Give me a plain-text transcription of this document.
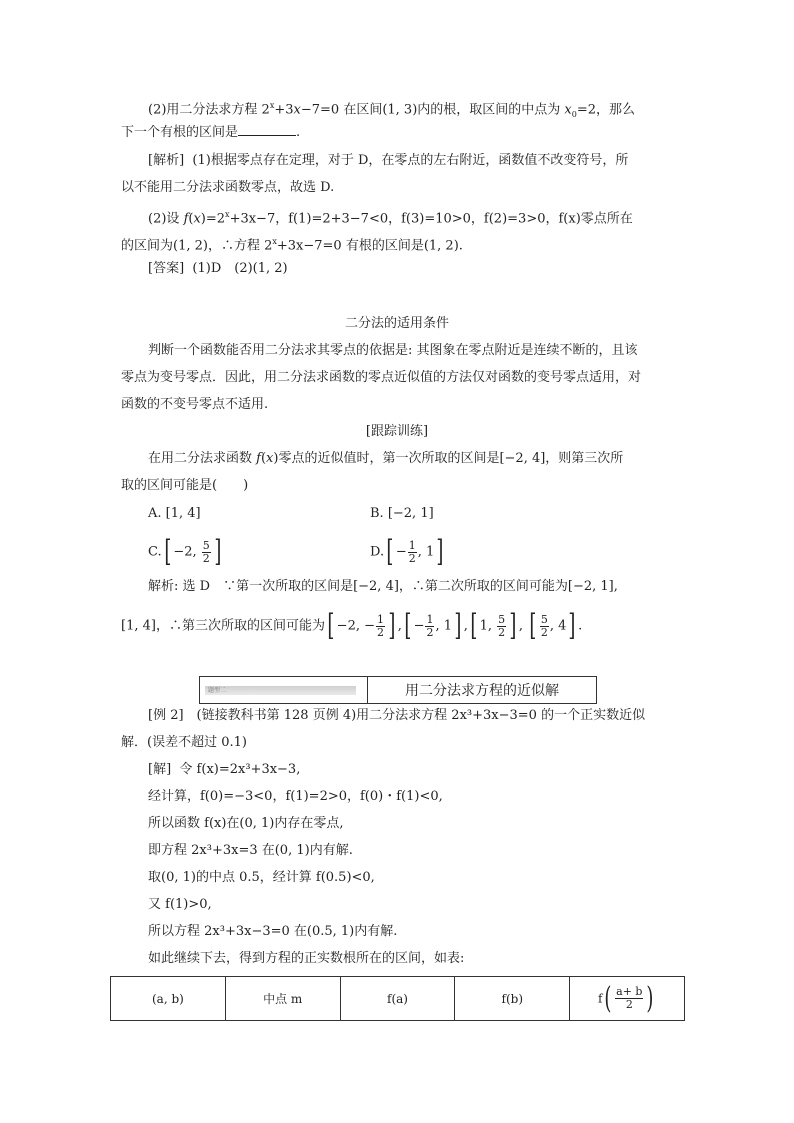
(2)用二分法求方程 $2^x+3x-7=0$ 在区间(1, 3)内的根，取区间的中点为 $x_0=2$，那么
下一个有根的区间是	.
[解析] (1)根据零点存在定理，对于 D，在零点的左右附近，函数值不改变符号，所
以不能用二分法求函数零点，故选 D.
(2)设 $f(x)=2^x+3x-7$，f(1)=2+3−7<0，f(3)=10>0，f(2)=3>0，f(x)零点所在
的区间为(1, 2)，∴方程 $2^x+3x-7=0$ 有根的区间是(1, 2).
[答案] (1)D　(2)(1, 2)
二分法的适用条件
判断一个函数能否用二分法求其零点的依据是: 其图象在零点附近是连续不断的，且该
零点为变号零点．因此，用二分法求函数的零点近似值的方法仅对函数的变号零点适用，对
函数的不变号零点不适用.
[跟踪训练]
在用二分法求函数 f(x)零点的近似值时，第一次所取的区间是[−2, 4]，则第三次所
取的区间可能是(　　)
A. [1, 4]	B. [−2, 1]
C.[ −2, $\frac{5}{2}$ ]	$D.[ - \frac{1}{2}$ , 1]
解析: 选 D　∵第一次所取的区间是[−2, 4]，∴第二次所取的区间可能为[−2, 1],
[1, 4]，∴第三次所取的区间可能为[ −2, − $\frac{1}{2}$ ] ,[ − $\frac{1}{2}$ , 1] ,[ 1, $\frac{5}{2}$ ] , [ $\frac{5}{2}$ , 4] .
题型二	用二分法求方程的近似解
[例 2]　(链接教科书第 128 页例 4)用二分法求方程 2x³+3x−3=0 的一个正实数近似
解．(误差不超过 0.1)
[解] 令 f(x)=2x³+3x−3,
经计算，f(0)=−3<0，f(1)=2>0，f(0)・f(1)<0,
所以函数 f(x)在(0, 1)内存在零点,
即方程 2x³+3x=3 在(0, 1)内有解.
取(0, 1)的中点 0.5，经计算 f(0.5)<0,
又 f(1)>0,
所以方程 2x³+3x−3=0 在(0.5, 1)内有解.
如此继续下去，得到方程的正实数根所在的区间，如表:
(a, b)	中点 m	f(a)	f(b)	$f( \frac{a+ b}{2}$ )
